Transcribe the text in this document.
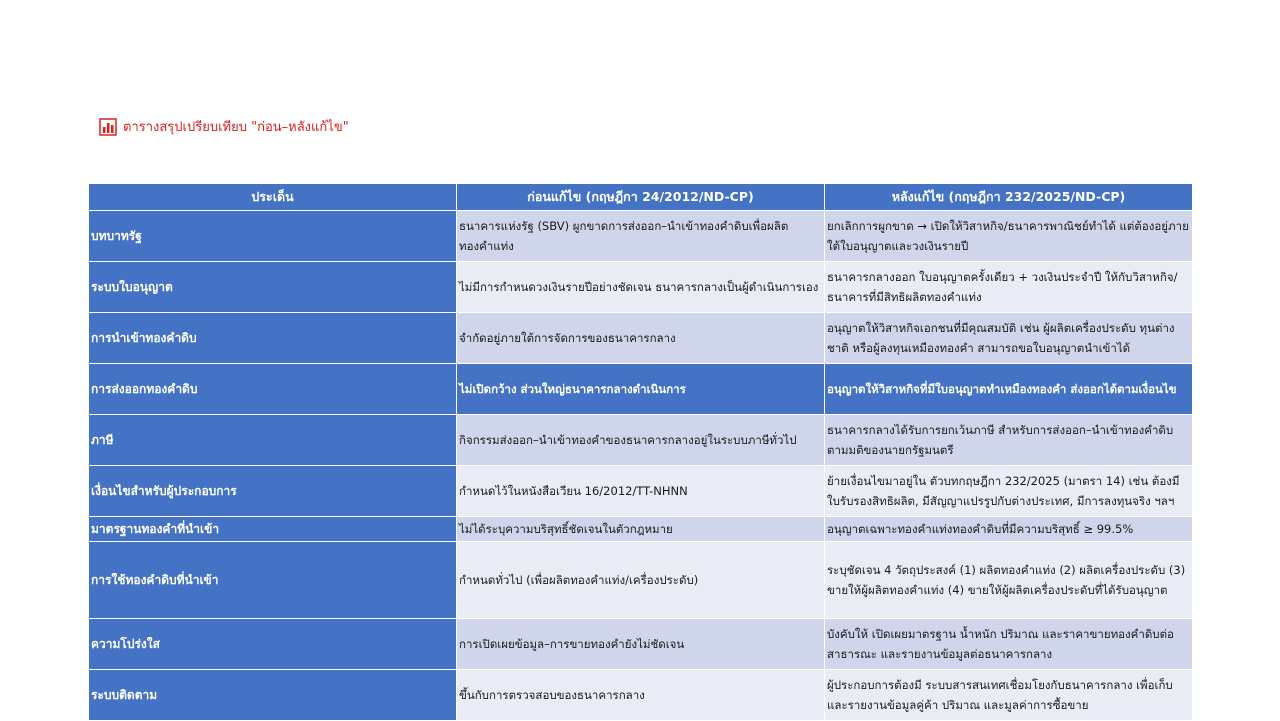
ตารางสรุปเปรียบเทียบ "ก่อน–หลังแก้ไข"
ประเด็น	ก่อนแก้ไข (กฤษฎีกา 24/2012/ND-CP)	หลังแก้ไข (กฤษฎีกา 232/2025/ND-CP)
บทบาทรัฐ	ธนาคารแห่งรัฐ (SBV) ผูกขาดการส่งออก–นำเข้าทองคำดิบเพื่อผลิตทองคำแท่ง	ยกเลิกการผูกขาด → เปิดให้วิสาหกิจ/ธนาคารพาณิชย์ทำได้ แต่ต้องอยู่ภายใต้ใบอนุญาตและวงเงินรายปี
ระบบใบอนุญาต	ไม่มีการกำหนดวงเงินรายปีอย่างชัดเจน ธนาคารกลางเป็นผู้ดำเนินการเอง	ธนาคารกลางออก ใบอนุญาตครั้งเดียว + วงเงินประจำปี ให้กับวิสาหกิจ/ธนาคารที่มีสิทธิผลิตทองคำแท่ง
การนำเข้าทองคำดิบ	จำกัดอยู่ภายใต้การจัดการของธนาคารกลาง	อนุญาตให้วิสาหกิจเอกชนที่มีคุณสมบัติ เช่น ผู้ผลิตเครื่องประดับ ทุนต่างชาติ หรือผู้ลงทุนเหมืองทองคำ สามารถขอใบอนุญาตนำเข้าได้
การส่งออกทองคำดิบ	ไม่เปิดกว้าง ส่วนใหญ่ธนาคารกลางดำเนินการ	อนุญาตให้วิสาหกิจที่มีใบอนุญาตทำเหมืองทองคำ ส่งออกได้ตามเงื่อนไข
ภาษี	กิจกรรมส่งออก–นำเข้าทองคำของธนาคารกลางอยู่ในระบบภาษีทั่วไป	ธนาคารกลางได้รับการยกเว้นภาษี สำหรับการส่งออก–นำเข้าทองคำดิบตามมติของนายกรัฐมนตรี
เงื่อนไขสำหรับผู้ประกอบการ	กำหนดไว้ในหนังสือเวียน 16/2012/TT-NHNN	ย้ายเงื่อนไขมาอยู่ใน ตัวบทกฤษฎีกา 232/2025 (มาตรา 14) เช่น ต้องมีใบรับรองสิทธิผลิต, มีสัญญาแปรรูปกับต่างประเทศ, มีการลงทุนจริง ฯลฯ
มาตรฐานทองคำที่นำเข้า	ไม่ได้ระบุความบริสุทธิ์ชัดเจนในตัวกฎหมาย	อนุญาตเฉพาะทองคำแท่งทองคำดิบที่มีความบริสุทธิ์ ≥ 99.5%
การใช้ทองคำดิบที่นำเข้า	กำหนดทั่วไป (เพื่อผลิตทองคำแท่ง/เครื่องประดับ)	ระบุชัดเจน 4 วัตถุประสงค์ (1) ผลิตทองคำแท่ง (2) ผลิตเครื่องประดับ (3) ขายให้ผู้ผลิตทองคำแท่ง (4) ขายให้ผู้ผลิตเครื่องประดับที่ได้รับอนุญาต
ความโปร่งใส	การเปิดเผยข้อมูล–การขายทองคำยังไม่ชัดเจน	บังคับให้ เปิดเผยมาตรฐาน น้ำหนัก ปริมาณ และราคาขายทองคำดิบต่อสาธารณะ และรายงานข้อมูลต่อธนาคารกลาง
ระบบติดตาม	ขึ้นกับการตรวจสอบของธนาคารกลาง	ผู้ประกอบการต้องมี ระบบสารสนเทศเชื่อมโยงกับธนาคารกลาง เพื่อเก็บและรายงานข้อมูลคู่ค้า ปริมาณ และมูลค่าการซื้อขาย
